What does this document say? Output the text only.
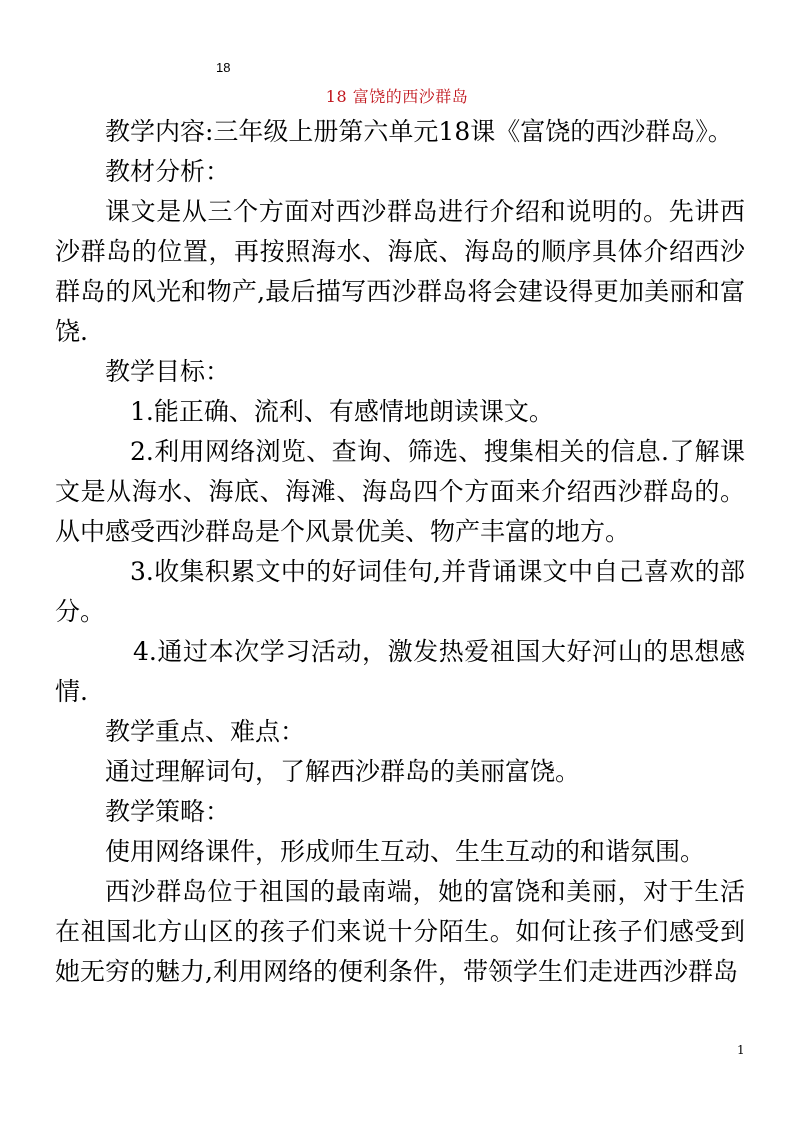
18
18 富饶的西沙群岛

教学内容:三年级上册第六单元18课《富饶的西沙群岛》。

教材分析：

课文是从三个方面对西沙群岛进行介绍和说明的。先讲西沙群岛的位置，再按照海水、海底、海岛的顺序具体介绍西沙群岛的风光和物产,最后描写西沙群岛将会建设得更加美丽和富饶.

教学目标：

1.能正确、流利、有感情地朗读课文。

2.利用网络浏览、查询、筛选、搜集相关的信息.了解课文是从海水、海底、海滩、海岛四个方面来介绍西沙群岛的。从中感受西沙群岛是个风景优美、物产丰富的地方。

3.收集积累文中的好词佳句,并背诵课文中自己喜欢的部分。

4.通过本次学习活动，激发热爱祖国大好河山的思想感情.

教学重点、难点：

通过理解词句，了解西沙群岛的美丽富饶。

教学策略：

使用网络课件，形成师生互动、生生互动的和谐氛围。

西沙群岛位于祖国的最南端，她的富饶和美丽，对于生活在祖国北方山区的孩子们来说十分陌生。如何让孩子们感受到她无穷的魅力,利用网络的便利条件，带领学生们走进西沙群岛

1
